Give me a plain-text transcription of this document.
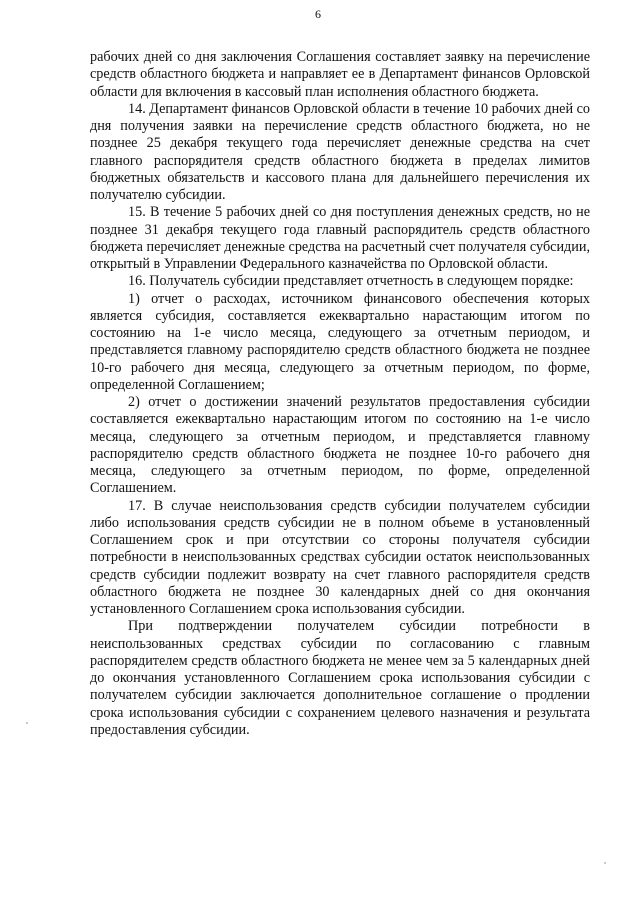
6

рабочих дней со дня заключения Соглашения составляет заявку на перечисление средств областного бюджета и направляет ее в Департамент финансов Орловской области для включения в кассовый план исполнения областного бюджета.

14. Департамент финансов Орловской области в течение 10 рабочих дней со дня получения заявки на перечисление средств областного бюджета, но не позднее 25 декабря текущего года перечисляет денежные средства на счет главного распорядителя средств областного бюджета в пределах лимитов бюджетных обязательств и кассового плана для дальнейшего перечисления их получателю субсидии.

15. В течение 5 рабочих дней со дня поступления денежных средств, но не позднее 31 декабря текущего года главный распорядитель средств областного бюджета перечисляет денежные средства на расчетный счет получателя субсидии, открытый в Управлении Федерального казначейства по Орловской области.

16. Получатель субсидии представляет отчетность в следующем порядке:

1) отчет о расходах, источником финансового обеспечения которых является субсидия, составляется ежеквартально нарастающим итогом по состоянию на 1-е число месяца, следующего за отчетным периодом, и представляется главному распорядителю средств областного бюджета не позднее 10-го рабочего дня месяца, следующего за отчетным периодом, по форме, определенной Соглашением;

2) отчет о достижении значений результатов предоставления субсидии составляется ежеквартально нарастающим итогом по состоянию на 1-е число месяца, следующего за отчетным периодом, и представляется главному распорядителю средств областного бюджета не позднее 10-го рабочего дня месяца, следующего за отчетным периодом, по форме, определенной Соглашением.

17. В случае неиспользования средств субсидии получателем субсидии либо использования средств субсидии не в полном объеме в установленный Соглашением срок и при отсутствии со стороны получателя субсидии потребности в неиспользованных средствах субсидии остаток неиспользованных средств субсидии подлежит возврату на счет главного распорядителя средств областного бюджета не позднее 30 календарных дней со дня окончания установленного Соглашением срока использования субсидии.

При подтверждении получателем субсидии потребности в неиспользованных средствах субсидии по согласованию с главным распорядителем средств областного бюджета не менее чем за 5 календарных дней до окончания установленного Соглашением срока использования субсидии с получателем субсидии заключается дополнительное соглашение о продлении срока использования субсидии с сохранением целевого назначения и результата предоставления субсидии.
